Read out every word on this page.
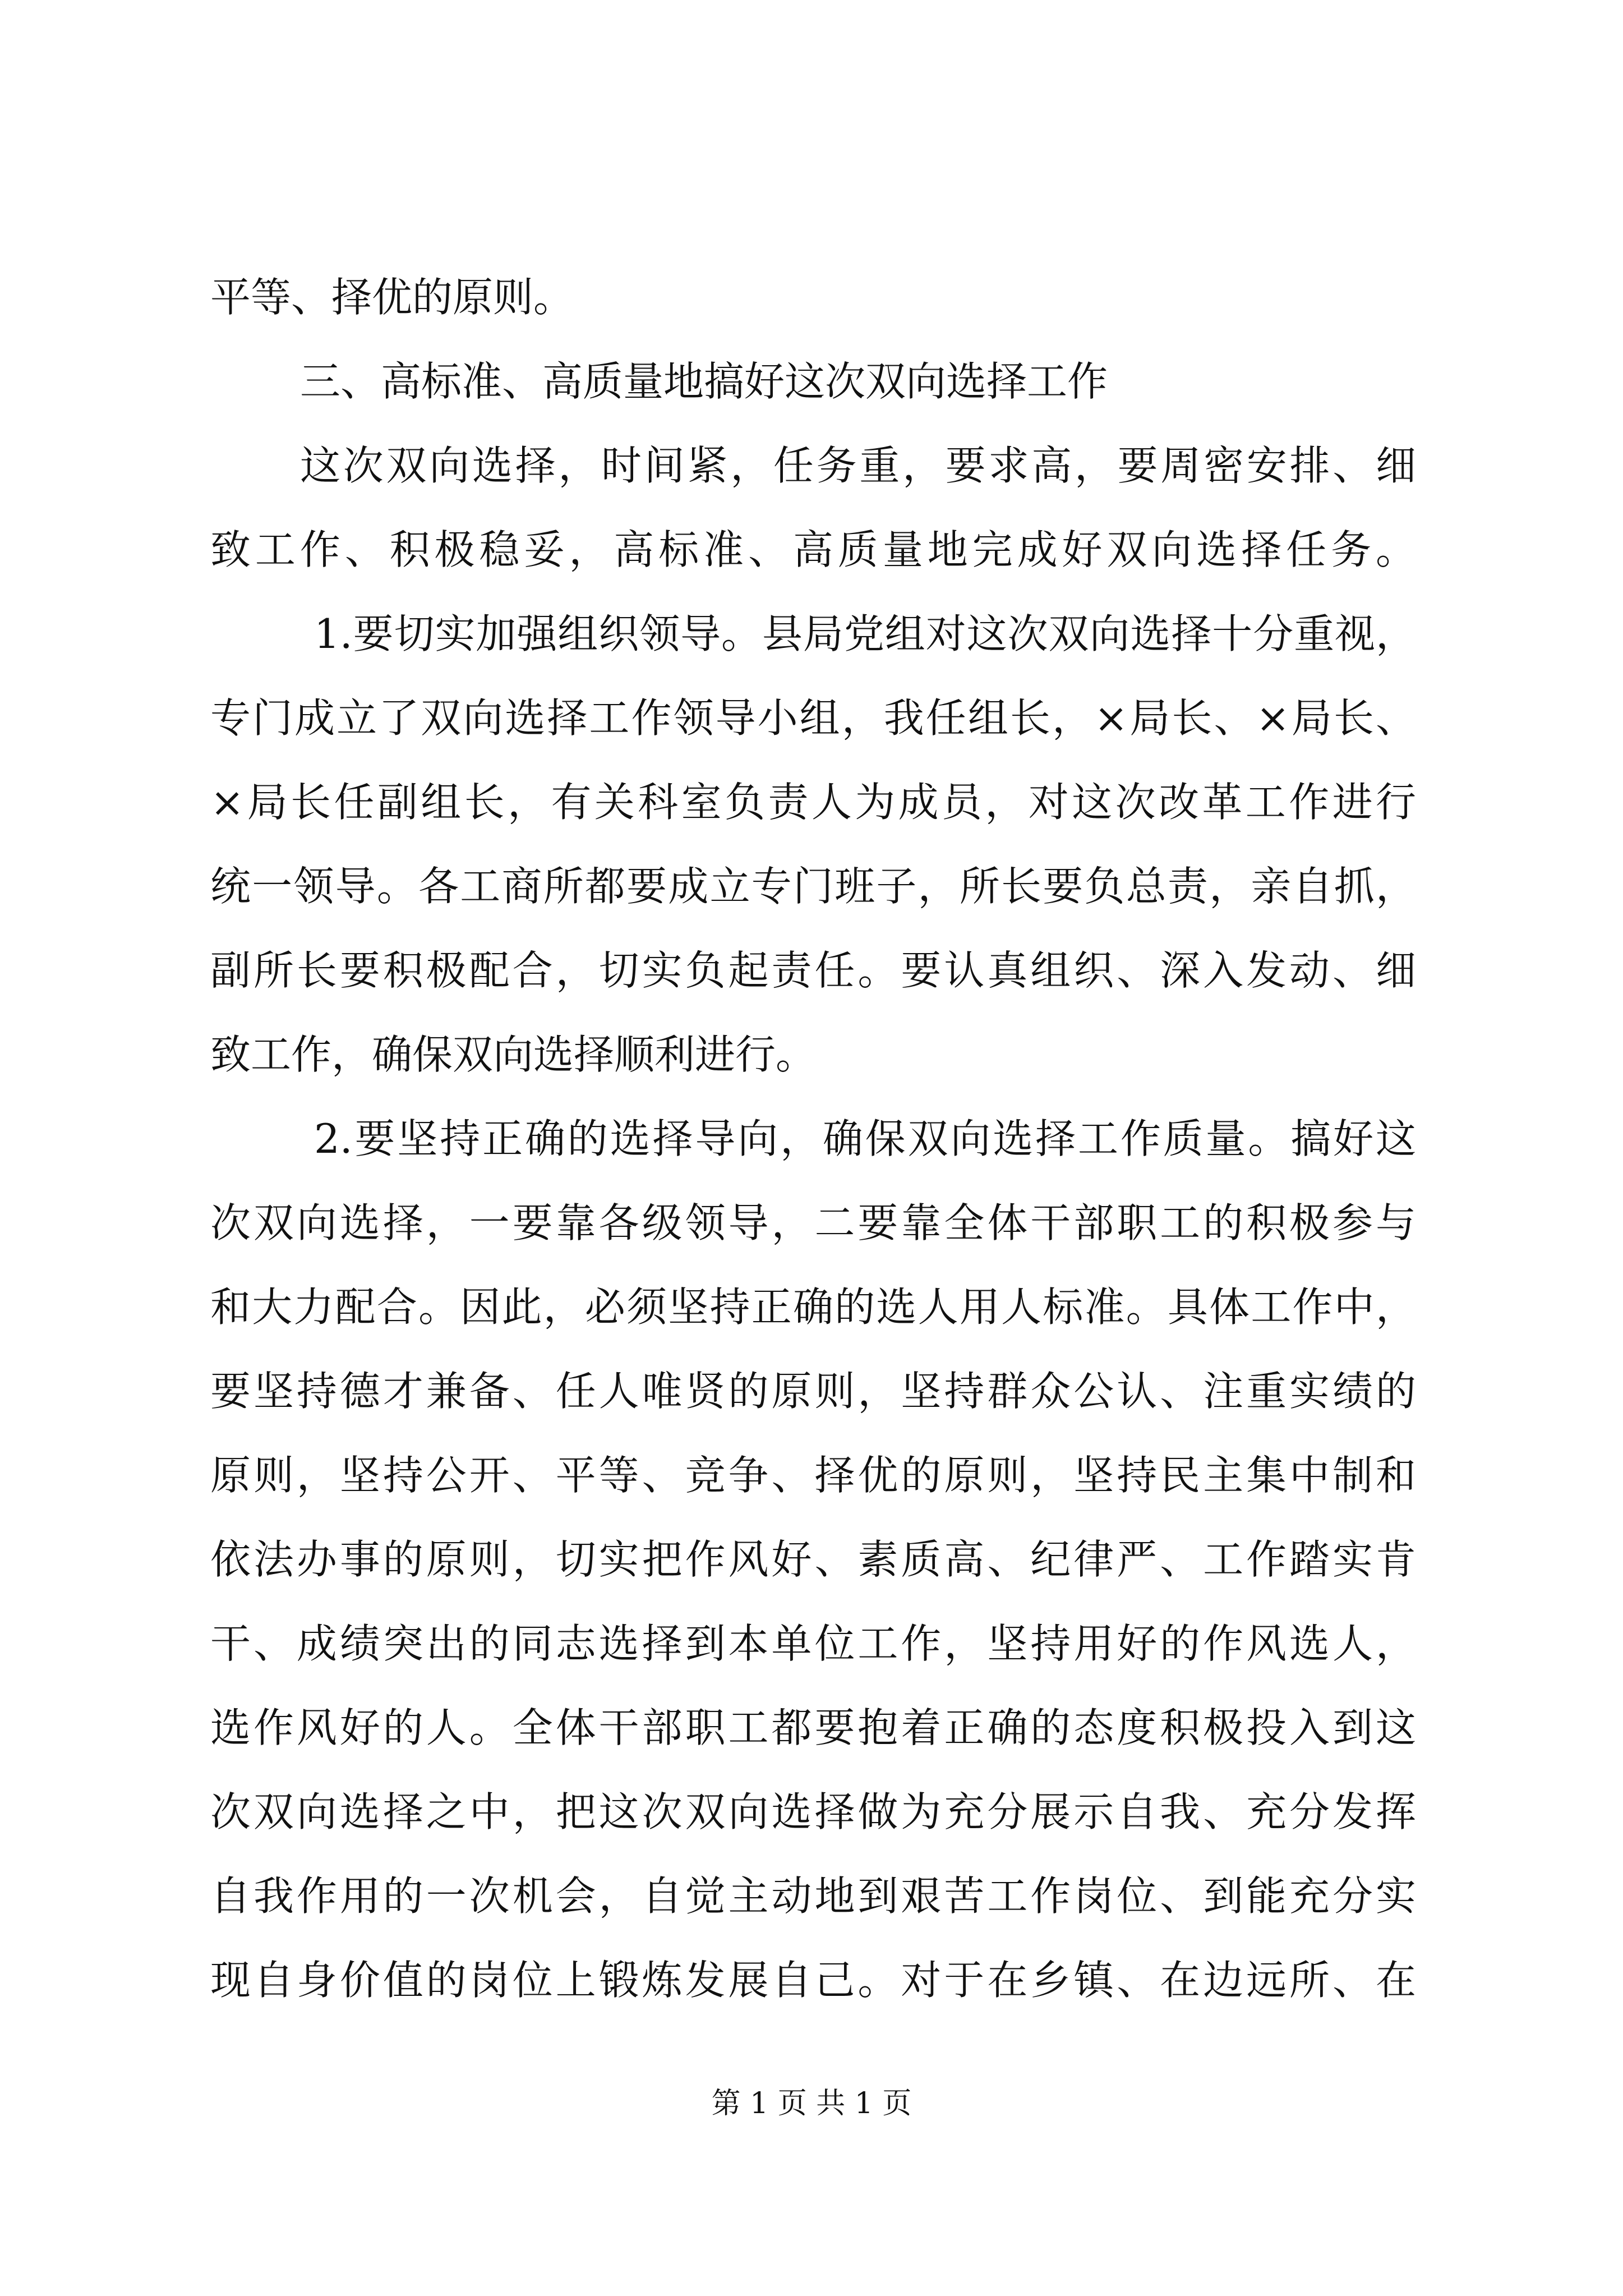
平等、择优的原则。
三、高标准、高质量地搞好这次双向选择工作
这次双向选择，时间紧，任务重，要求高，要周密安排、细
致工作、积极稳妥，高标准、高质量地完成好双向选择任务。
1.要切实加强组织领导。县局党组对这次双向选择十分重视，
专门成立了双向选择工作领导小组，我任组长，×局长、×局长、
×局长任副组长，有关科室负责人为成员，对这次改革工作进行
统一领导。各工商所都要成立专门班子，所长要负总责，亲自抓，
副所长要积极配合，切实负起责任。要认真组织、深入发动、细
致工作，确保双向选择顺利进行。
2.要坚持正确的选择导向，确保双向选择工作质量。搞好这
次双向选择，一要靠各级领导，二要靠全体干部职工的积极参与
和大力配合。因此，必须坚持正确的选人用人标准。具体工作中，
要坚持德才兼备、任人唯贤的原则，坚持群众公认、注重实绩的
原则，坚持公开、平等、竞争、择优的原则，坚持民主集中制和
依法办事的原则，切实把作风好、素质高、纪律严、工作踏实肯
干、成绩突出的同志选择到本单位工作，坚持用好的作风选人，
选作风好的人。全体干部职工都要抱着正确的态度积极投入到这
次双向选择之中，把这次双向选择做为充分展示自我、充分发挥
自我作用的一次机会，自觉主动地到艰苦工作岗位、到能充分实
现自身价值的岗位上锻炼发展自己。对于在乡镇、在边远所、在
第 1 页 共 1 页
